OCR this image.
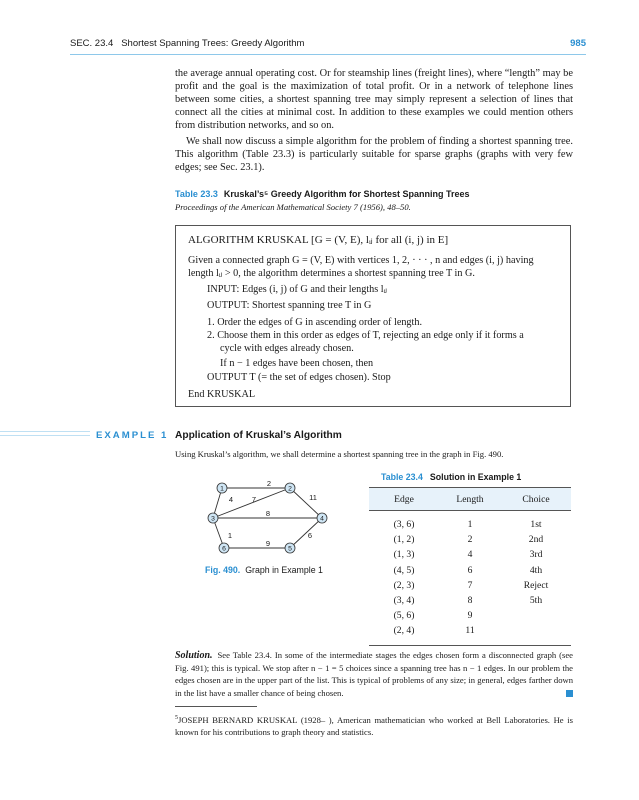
SEC. 23.4   Shortest Spanning Trees: Greedy Algorithm	985

the average annual operating cost. Or for steamship lines (freight lines), where “length” may be profit and the goal is the maximization of total profit. Or in a network of telephone lines between some cities, a shortest spanning tree may simply represent a selection of lines that connect all the cities at minimal cost. In addition to these examples we could mention others from distribution networks, and so on.

We shall now discuss a simple algorithm for the problem of finding a shortest spanning tree. This algorithm (Table 23.3) is particularly suitable for sparse graphs (graphs with very few edges; see Sec. 23.1).

Table 23.3 Kruskal’s⁵ Greedy Algorithm for Shortest Spanning Trees
Proceedings of the American Mathematical Society 7 (1956), 48–50.
ALGORITHM KRUSKAL [G = (V, E), lᵢⱼ for all (i, j) in E]
Given a connected graph G = (V, E) with vertices 1, 2, · · · , n and edges (i, j) having
length lᵢⱼ > 0, the algorithm determines a shortest spanning tree T in G.
INPUT: Edges (i, j) of G and their lengths lᵢⱼ
OUTPUT: Shortest spanning tree T in G
1. Order the edges of G in ascending order of length.
2. Choose them in this order as edges of T, rejecting an edge only if it forms a
cycle with edges already chosen.
If n − 1 edges have been chosen, then
OUTPUT T (= the set of edges chosen). Stop
End KRUSKAL
EXAMPLE 1 Application of Kruskal’s Algorithm
Using Kruskal’s algorithm, we shall determine a shortest spanning tree in the graph in Fig. 490.
2
4	7	11
8
1	6
9
1	2
3	4
5
6
Fig. 490. Graph in Example 1
Table 23.4 Solution in Example 1
Edge	Length	Choice
(3, 6)	1	1st
(1, 2)	2	2nd
(1, 3)	4	3rd
(4, 5)	6	4th
(2, 3)	7	Reject
(3, 4)	8	5th
(5, 6)	9	
(2, 4)	11	
Solution. See Table 23.4. In some of the intermediate stages the edges chosen form a disconnected graph (see Fig. 491); this is typical. We stop after n − 1 = 5 choices since a spanning tree has n − 1 edges. In our problem the edges chosen are in the upper part of the list. This is typical of problems of any size; in general, edges farther down in the list have a smaller chance of being chosen.
$^5$JOSEPH BERNARD KRUSKAL (1928– ), American mathematician who worked at Bell Laboratories. He is known for his contributions to graph theory and statistics.
